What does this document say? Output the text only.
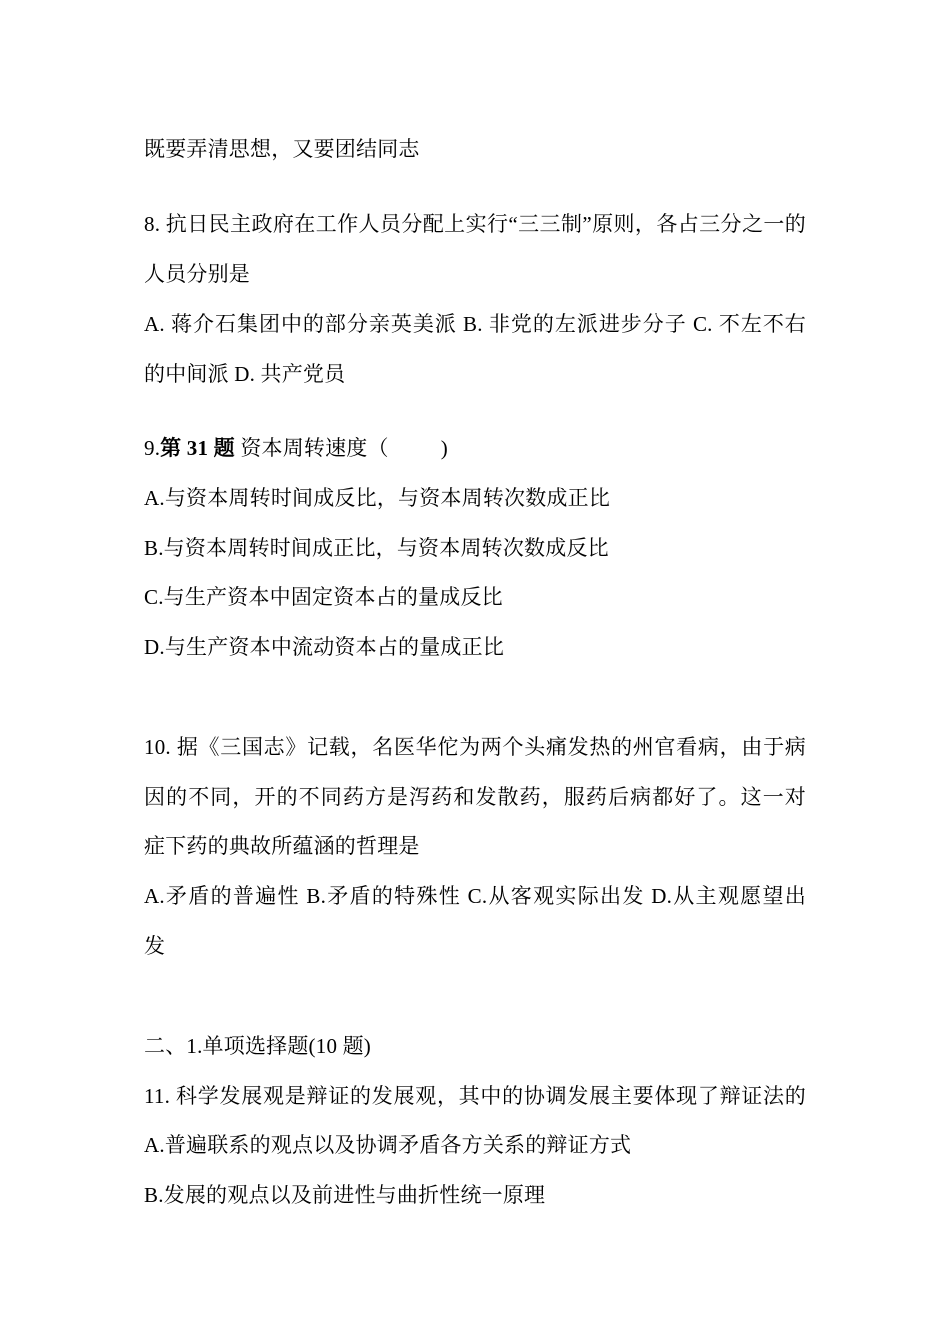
既要弄清思想，又要团结同志
8. 抗日民主政府在工作人员分配上实行“三三制”原则，各占三分之一的
人员分别是
A. 蒋介石集团中的部分亲英美派 B. 非党的左派进步分子 C. 不左不右
的中间派 D. 共产党员
9.第 31 题 资本周转速度（ )
A.与资本周转时间成反比，与资本周转次数成正比
B.与资本周转时间成正比，与资本周转次数成反比
C.与生产资本中固定资本占的量成反比
D.与生产资本中流动资本占的量成正比
10. 据《三国志》记载，名医华佗为两个头痛发热的州官看病，由于病
因的不同，开的不同药方是泻药和发散药，服药后病都好了。这一对
症下药的典故所蕴涵的哲理是
A.矛盾的普遍性 B.矛盾的特殊性 C.从客观实际出发 D.从主观愿望出
发
二、1.单项选择题(10 题)
11. 科学发展观是辩证的发展观，其中的协调发展主要体现了辩证法的
A.普遍联系的观点以及协调矛盾各方关系的辩证方式
B.发展的观点以及前进性与曲折性统一原理
